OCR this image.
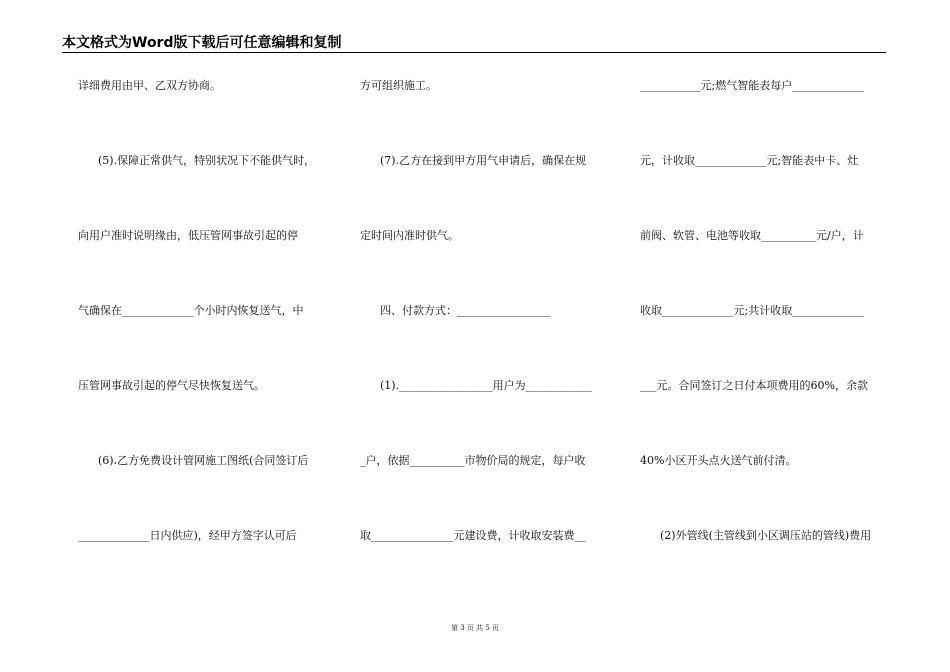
本文格式为Word版下载后可任意编辑和复制
详细费用由甲、乙双方协商。
(5).保障正常供气，特别状况下不能供气时，
向用户准时说明缘由，低压管网事故引起的停
气确保在_____________个小时内恢复送气，中
压管网事故引起的停气尽快恢复送气。
(6).乙方免费设计管网施工图纸(合同签订后
_____________日内供应)，经甲方签字认可后
方可组织施工。
(7).乙方在接到甲方用气申请后，确保在规
定时间内准时供气。
四、付款方式：_________________
(1)._________________用户为____________
_户，依据__________市物价局的规定，每户收
取_______________元建设费，计收取安装费__
___________元;燃气智能表每户_____________
元，计收取_____________元;智能表中卡、灶
前阀、软管、电池等收取__________元/户，计
收取_____________元;共计收取_____________
___元。合同签订之日付本项费用的60%，余款
40%小区开头点火送气前付清。
(2)外管线(主管线到小区调压站的管线)费用
第 3 页 共 5 页
